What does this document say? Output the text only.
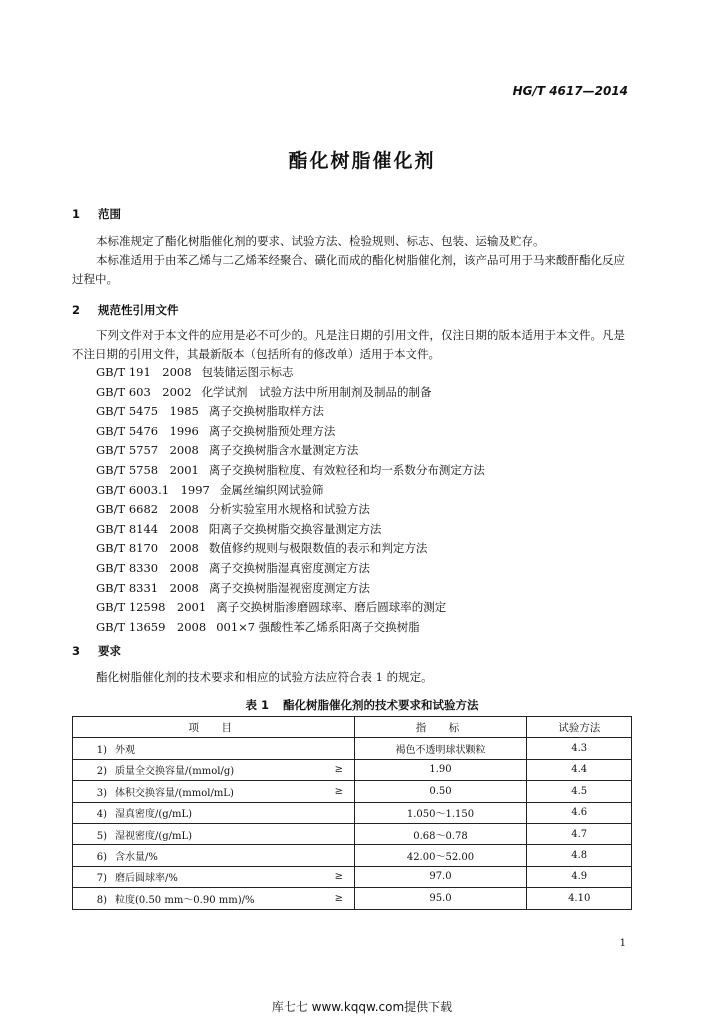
HG/T 4617—2014
酯化树脂催化剂
1 范围
本标准规定了酯化树脂催化剂的要求、试验方法、检验规则、标志、包装、运输及贮存。
本标准适用于由苯乙烯与二乙烯苯经聚合、磺化而成的酯化树脂催化剂，该产品可用于马来酸酐酯化反应过程中。
2 规范性引用文件
下列文件对于本文件的应用是必不可少的。凡是注日期的引用文件，仅注日期的版本适用于本文件。凡是不注日期的引用文件，其最新版本（包括所有的修改单）适用于本文件。
GB/T 191　2008 包装储运图示标志
GB/T 603　2002 化学试剂　试验方法中所用制剂及制品的制备
GB/T 5475　1985 离子交换树脂取样方法
GB/T 5476　1996 离子交换树脂预处理方法
GB/T 5757　2008 离子交换树脂含水量测定方法
GB/T 5758　2001 离子交换树脂粒度、有效粒径和均一系数分布测定方法
GB/T 6003.1　1997 金属丝编织网试验筛
GB/T 6682　2008 分析实验室用水规格和试验方法
GB/T 8144　2008 阳离子交换树脂交换容量测定方法
GB/T 8170　2008 数值修约规则与极限数值的表示和判定方法
GB/T 8330　2008 离子交换树脂湿真密度测定方法
GB/T 8331　2008 离子交换树脂湿视密度测定方法
GB/T 12598　2001 离子交换树脂渗磨圆球率、磨后圆球率的测定
GB/T 13659　2008 001×7 强酸性苯乙烯系阳离子交换树脂
3 要求
酯化树脂催化剂的技术要求和相应的试验方法应符合表 1 的规定。
表 1 酯化树脂催化剂的技术要求和试验方法
项　目		指　标	试验方法
1) 外观		褐色不透明球状颗粒	4.3
2) 质量全交换容量/(mmol/g)	≥	1.90	4.4
3) 体积交换容量/(mmol/mL)	≥	0.50	4.5
4) 湿真密度/(g/mL)		1.050～1.150	4.6
5) 湿视密度/(g/mL)		0.68～0.78	4.7
6) 含水量/%		42.00～52.00	4.8
7) 磨后圆球率/%	≥	97.0	4.9
8) 粒度(0.50 mm～0.90 mm)/%	≥	95.0	4.10
1
库七七 www.kqqw.com提供下载
